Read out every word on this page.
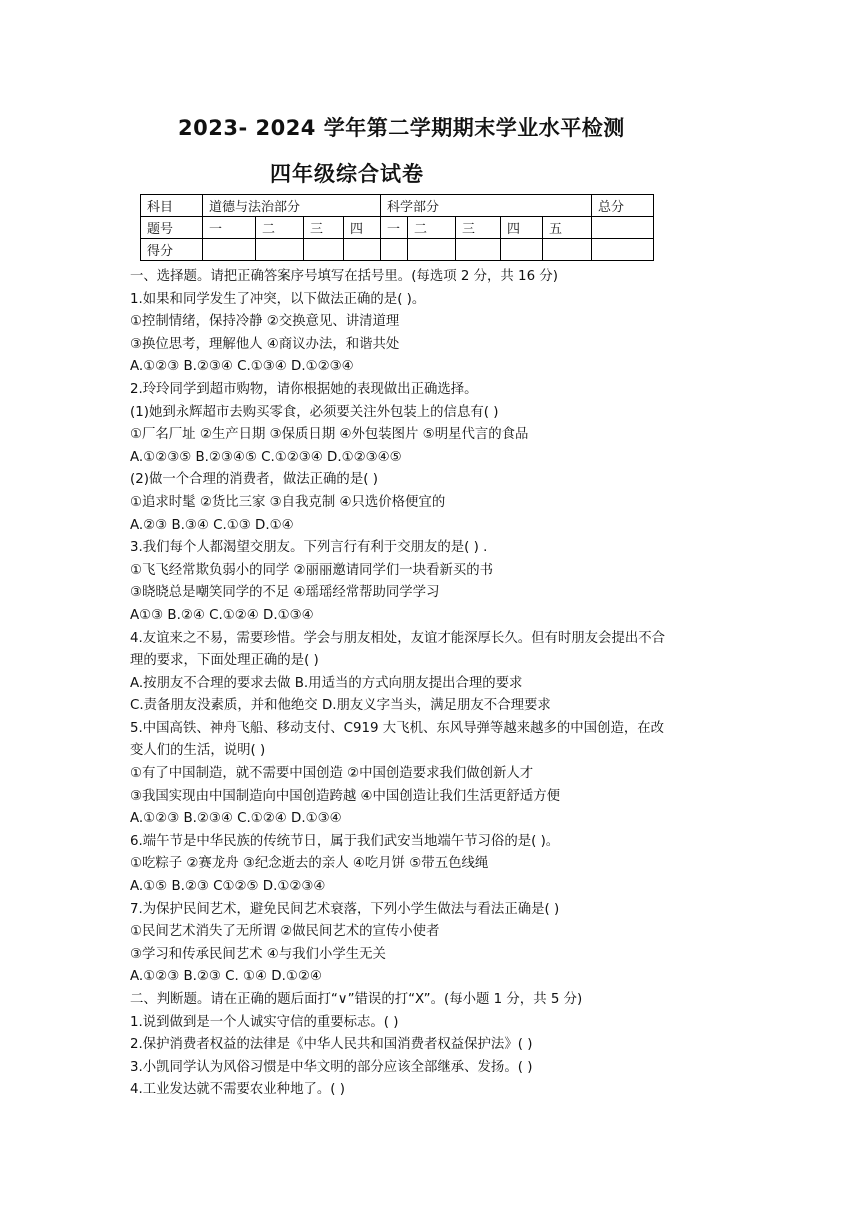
2023- 2024 学年第二学期期末学业水平检测
四年级综合试卷
科目	道德与法治部分				科学部分					总分
题号	一	二	三	四	一	二	三	四	五	
得分										
一、选择题。请把正确答案序号填写在括号里。(每选项 2 分，共 16 分)
1.如果和同学发生了冲突，以下做法正确的是( )。
①控制情绪，保持冷静 ②交换意见、讲清道理
③换位思考，理解他人 ④商议办法，和谐共处
A.①②③ B.②③④ C.①③④ D.①②③④
2.玲玲同学到超市购物，请你根据她的表现做出正确选择。
(1)她到永辉超市去购买零食，必须要关注外包装上的信息有( )
①厂名厂址 ②生产日期 ③保质日期 ④外包装图片 ⑤明星代言的食品
A.①②③⑤ B.②③④⑤ C.①②③④ D.①②③④⑤
(2)做一个合理的消费者，做法正确的是( )
①追求时髦 ②货比三家 ③自我克制 ④只选价格便宜的
A.②③ B.③④ C.①③ D.①④
3.我们每个人都渴望交朋友。下列言行有利于交朋友的是( ) .
①飞飞经常欺负弱小的同学 ②丽丽邀请同学们一块看新买的书
③晓晓总是嘲笑同学的不足 ④瑶瑶经常帮助同学学习
A①③ B.②④ C.①②④ D.①③④
4.友谊来之不易，需要珍惜。学会与朋友相处，友谊才能深厚长久。但有时朋友会提出不合
理的要求，下面处理正确的是( )
A.按朋友不合理的要求去做 B.用适当的方式向朋友提出合理的要求
C.责备朋友没素质，并和他绝交 D.朋友义字当头，满足朋友不合理要求
5.中国高铁、神舟飞船、移动支付、C919 大飞机、东风导弹等越来越多的中国创造，在改
变人们的生活，说明( )
①有了中国制造，就不需要中国创造 ②中国创造要求我们做创新人才
③我国实现由中国制造向中国创造跨越 ④中国创造让我们生活更舒适方便
A.①②③ B.②③④ C.①②④ D.①③④
6.端午节是中华民族的传统节日，属于我们武安当地端午节习俗的是( )。
①吃粽子 ②赛龙舟 ③纪念逝去的亲人 ④吃月饼 ⑤带五色线绳
A.①⑤ B.②③ C①②⑤ D.①②③④
7.为保护民间艺术，避免民间艺术衰落，下列小学生做法与看法正确是( )
①民间艺术消失了无所谓 ②做民间艺术的宣传小使者
③学习和传承民间艺术 ④与我们小学生无关
A.①②③ B.②③ C. ①④ D.①②④
二、判断题。请在正确的题后面打“∨”错误的打“X”。(每小题 1 分，共 5 分)
1.说到做到是一个人诚实守信的重要标志。( )
2.保护消费者权益的法律是《中华人民共和国消费者权益保护法》( )
3.小凯同学认为风俗习惯是中华文明的部分应该全部继承、发扬。( )
4.工业发达就不需要农业种地了。( )
